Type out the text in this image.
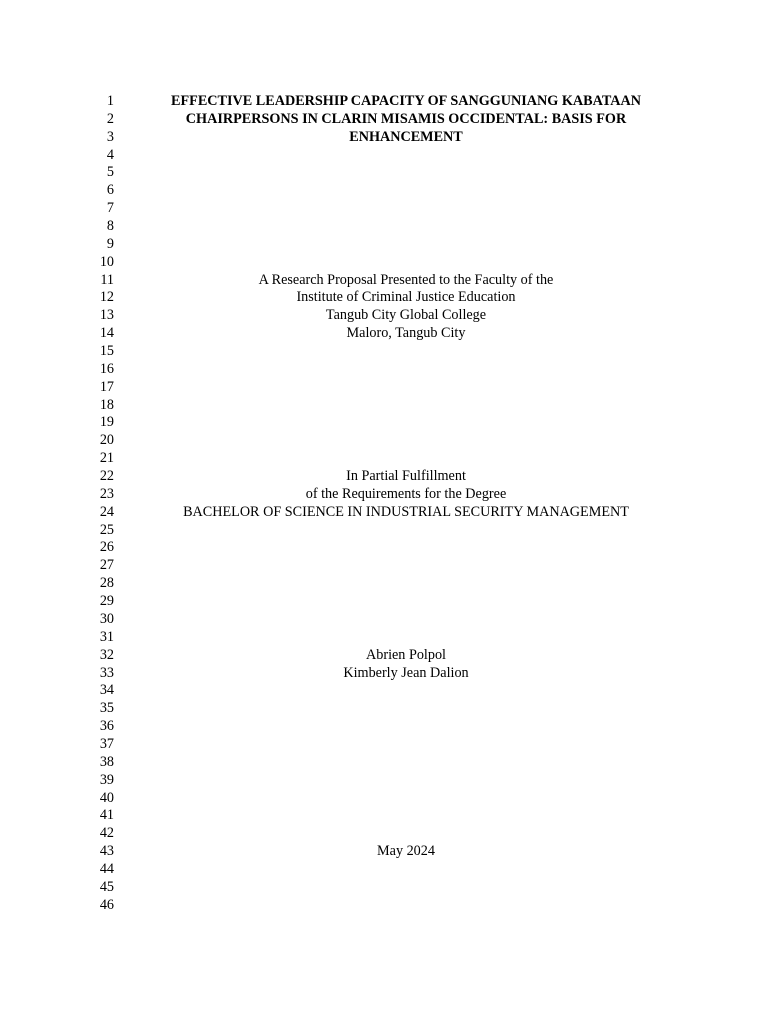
1
2
3
4
5
6
7
8
9
10
11
12
13
14
15
16
17
18
19
20
21
22
23
24
25
26
27
28
29
30
31
32
33
34
35
36
37
38
39
40
41
42
43
44
45
46
EFFECTIVE LEADERSHIP CAPACITY OF SANGGUNIANG KABATAAN
CHAIRPERSONS IN CLARIN MISAMIS OCCIDENTAL: BASIS FOR
ENHANCEMENT
A Research Proposal Presented to the Faculty of the
Institute of Criminal Justice Education
Tangub City Global College
Maloro, Tangub City
In Partial Fulfillment
of the Requirements for the Degree
BACHELOR OF SCIENCE IN INDUSTRIAL SECURITY MANAGEMENT
Abrien Polpol
Kimberly Jean Dalion
May 2024
